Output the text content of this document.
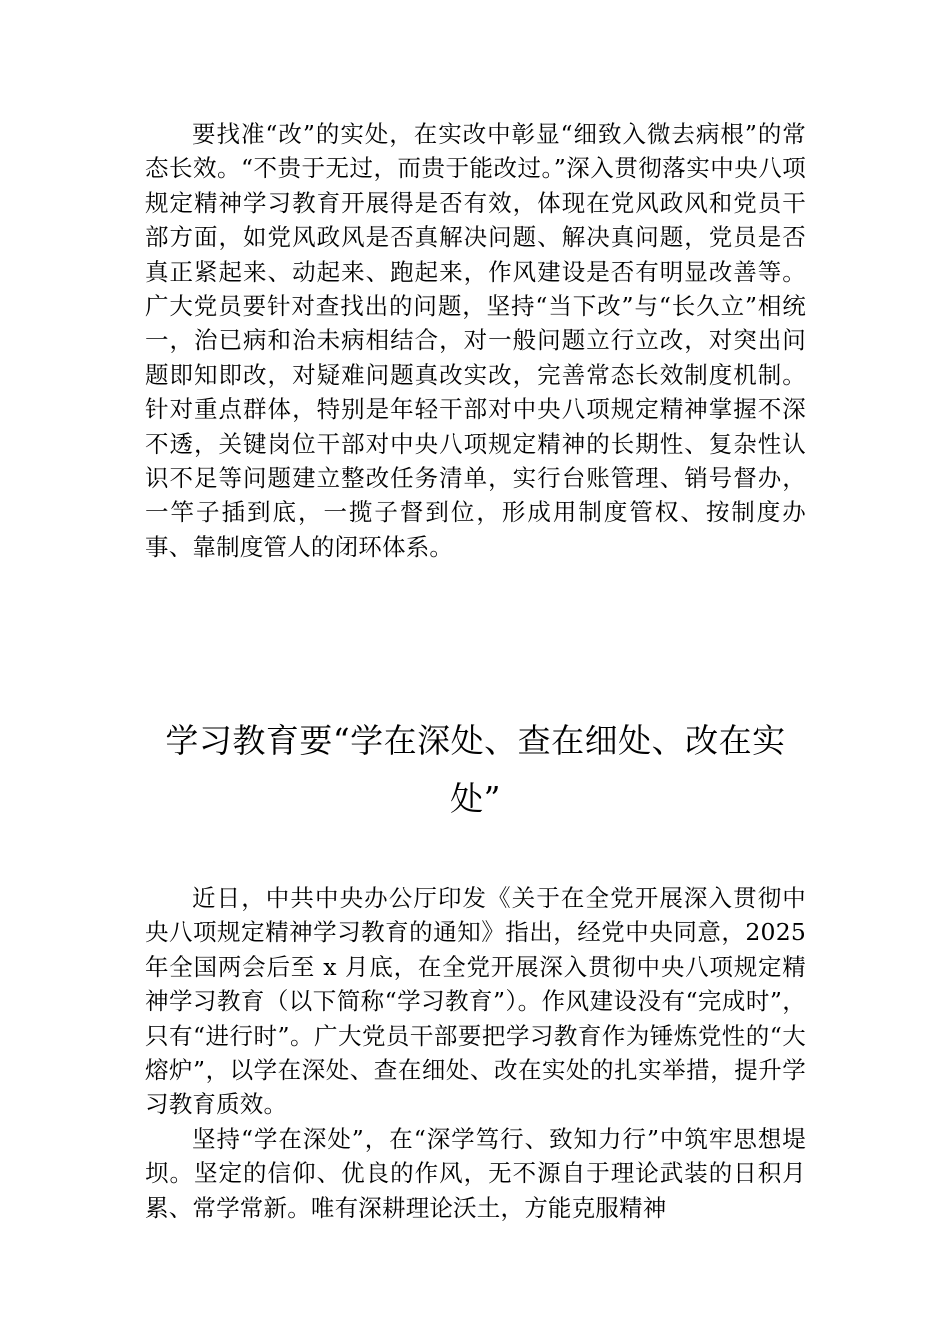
要找准“改”的实处，在实改中彰显“细致入微去病根”的常态长效。“不贵于无过，而贵于能改过。”深入贯彻落实中央八项规定精神学习教育开展得是否有效，体现在党风政风和党员干部方面，如党风政风是否真解决问题、解决真问题，党员是否真正紧起来、动起来、跑起来，作风建设是否有明显改善等。广大党员要针对查找出的问题，坚持“当下改”与“长久立”相统一，治已病和治未病相结合，对一般问题立行立改，对突出问题即知即改，对疑难问题真改实改，完善常态长效制度机制。针对重点群体，特别是年轻干部对中央八项规定精神掌握不深不透，关键岗位干部对中央八项规定精神的长期性、复杂性认识不足等问题建立整改任务清单，实行台账管理、销号督办，一竿子插到底，一揽子督到位，形成用制度管权、按制度办事、靠制度管人的闭环体系。

学习教育要“学在深处、查在细处、改在实处”

近日，中共中央办公厅印发《关于在全党开展深入贯彻中央八项规定精神学习教育的通知》指出，经党中央同意，2025 年全国两会后至 x 月底，在全党开展深入贯彻中央八项规定精神学习教育（以下简称“学习教育”）。作风建设没有“完成时”，只有“进行时”。广大党员干部要把学习教育作为锤炼党性的“大熔炉”，以学在深处、查在细处、改在实处的扎实举措，提升学习教育质效。

坚持“学在深处”，在“深学笃行、致知力行”中筑牢思想堤坝。坚定的信仰、优良的作风，无不源自于理论武装的日积月累、常学常新。唯有深耕理论沃土，方能克服精神
